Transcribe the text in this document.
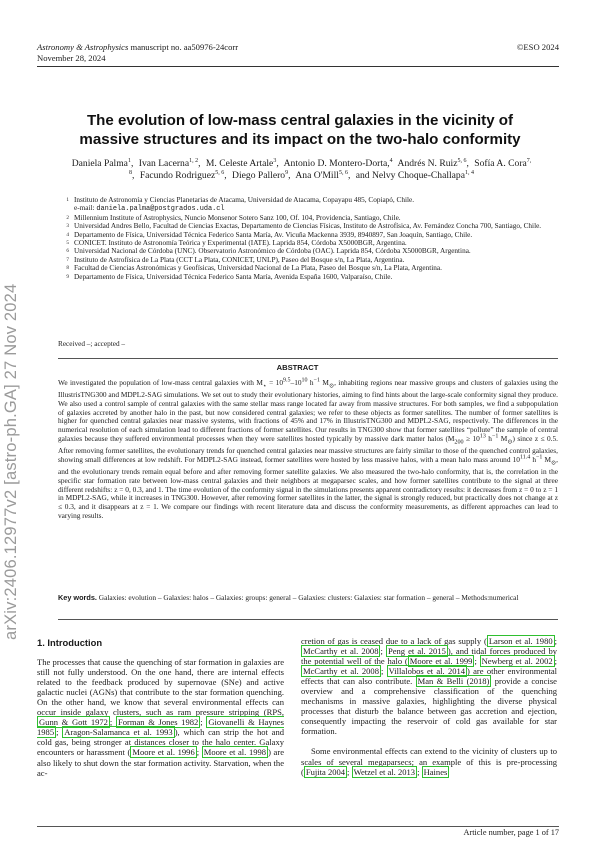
Astronomy & Astrophysics manuscript no. aa50976-24corr
November 28, 2024
©ESO 2024
arXiv:2406.12977v2 [astro-ph.GA] 27 Nov 2024
The evolution of low-mass central galaxies in the vicinity of
massive structures and its impact on the two-halo conformity
Daniela Palma$^1$, Ivan Lacerna$^{1, 2}$, M. Celeste Artale$^3$, Antonio D. Montero-Dorta,$^4$ Andrés N. Ruiz$^{5, 6}$, Sofía A. Cora$^{7, 8}$, Facundo Rodriguez$^{5, 6}$, Diego Pallero$^9$, Ana O'Mill$^{5, 6}$, and Nelvy Choque-Challapa$^{1, 4}$
1 Instituto de Astronomía y Ciencias Planetarias de Atacama, Universidad de Atacama, Copayapu 485, Copiapó, Chile.
e-mail: daniela.palma@postgrados.uda.cl
2 Millennium Institute of Astrophysics, Nuncio Monsenor Sotero Sanz 100, Of. 104, Providencia, Santiago, Chile.
3 Universidad Andres Bello, Facultad de Ciencias Exactas, Departamento de Ciencias Físicas, Instituto de Astrofísica, Av. Fernández Concha 700, Santiago, Chile.
4 Departamento de Física, Universidad Técnica Federico Santa María, Av. Vicuña Mackenna 3939, 8940897, San Joaquín, Santiago, Chile.
5 CONICET. Instituto de Astronomía Teórica y Experimental (IATE). Laprida 854, Córdoba X5000BGR, Argentina.
6 Universidad Nacional de Córdoba (UNC). Observatorio Astronómico de Córdoba (OAC). Laprida 854, Córdoba X5000BGR, Argentina.
7 Instituto de Astrofísica de La Plata (CCT La Plata, CONICET, UNLP), Paseo del Bosque s/n, La Plata, Argentina.
8 Facultad de Ciencias Astronómicas y Geofísicas, Universidad Nacional de La Plata, Paseo del Bosque s/n, La Plata, Argentina.
9 Departamento de Física, Universidad Técnica Federico Santa María, Avenida España 1600, Valparaíso, Chile.
Received –; accepted –
ABSTRACT

We investigated the population of low-mass central galaxies with $M_⋆ = 10^{9.5}-10^{10}$ $h^{-1}$ $M_⊙$, inhabiting regions near massive groups and clusters of galaxies using the IllustrisTNG300 and MDPL2-SAG simulations. We set out to study their evolutionary histories, aiming to find hints about the large-scale conformity signal they produce. We also used a control sample of central galaxies with the same stellar mass range located far away from massive structures. For both samples, we find a subpopulation of galaxies accreted by another halo in the past, but now considered central galaxies; we refer to these objects as former satellites. The number of former satellites is higher for quenched central galaxies near massive systems, with fractions of 45% and 17% in IllustrisTNG300 and MDPL2-SAG, respectively. The differences in the numerical resolution of each simulation lead to different fractions of former satellites. Our results in TNG300 show that former satellites “pollute” the sample of central galaxies because they suffered environmental processes when they were satellites hosted typically by massive dark matter halos ($M_{200} \ge 10^{13}$ $h^{-1}$ $M_⊙$) since z ≤ 0.5. After removing former satellites, the evolutionary trends for quenched central galaxies near massive structures are fairly similar to those of the quenched control galaxies, showing small differences at low redshift. For MDPL2-SAG instead, former satellites were hosted by less massive halos, with a mean halo mass around $10^{11.4}$ $h^{-1}$ $M_⊙$, and the evolutionary trends remain equal before and after removing former satellite galaxies. We also measured the two-halo conformity, that is, the correlation in the specific star formation rate between low-mass central galaxies and their neighbors at megaparsec scales, and how former satellites contribute to the signal at three different redshifts: z = 0, 0.3, and 1. The time evolution of the conformity signal in the simulations presents apparent contradictory results: it decreases from z = 0 to z = 1 in MDPL2-SAG, while it increases in TNG300. However, after removing former satellites in the latter, the signal is strongly reduced, but practically does not change at z ≤ 0.3, and it disappears at z = 1. We compare our findings with recent literature data and discuss the conformity measurements, as different approaches can lead to varying results.

Key words. Galaxies: evolution – Galaxies: halos – Galaxies: groups: general – Galaxies: clusters: Galaxies: star formation – general – Methods:numerical

1. Introduction

The processes that cause the quenching of star formation in galaxies are still not fully understood. On the one hand, there are internal effects related to the feedback produced by supernovae (SNe) and active galactic nuclei (AGNs) that contribute to the star formation quenching. On the other hand, we know that several environmental effects can occur inside galaxy clusters, such as ram pressure stripping (RPS, Gunn & Gott 1972 ; Forman & Jones 1982 ; Giovanelli & Haynes 1985 ; Aragon-Salamanca et al. 1993 ), which can strip the hot and cold gas, being stronger at distances closer to the halo center. Galaxy encounters or harassment ( Moore et al. 1996 ; Moore et al. 1998 ) are also likely to shut down the star formation activity. Starvation, when the ac-

cretion of gas is ceased due to a lack of gas supply ( Larson et al. 1980 ; McCarthy et al. 2008 ; Peng et al. 2015 ), and tidal forces produced by the potential well of the halo ( Moore et al. 1999 ; Newberg et al. 2002 ; McCarthy et al. 2008 ; Villalobos et al. 2014 ) are other environmental effects that can also contribute. Man & Belli (2018) provide a concise overview and a comprehensive classification of the quenching mechanisms in massive galaxies, highlighting the diverse physical processes that disturb the balance between gas accretion and ejection, consequently impacting the reservoir of cold gas available for star formation.

Some environmental effects can extend to the vicinity of clusters up to scales of several megaparsecs; an example of this is pre-processing ( Fujita 2004 ; Wetzel et al. 2013 ; Haines

Article number, page 1 of 17
